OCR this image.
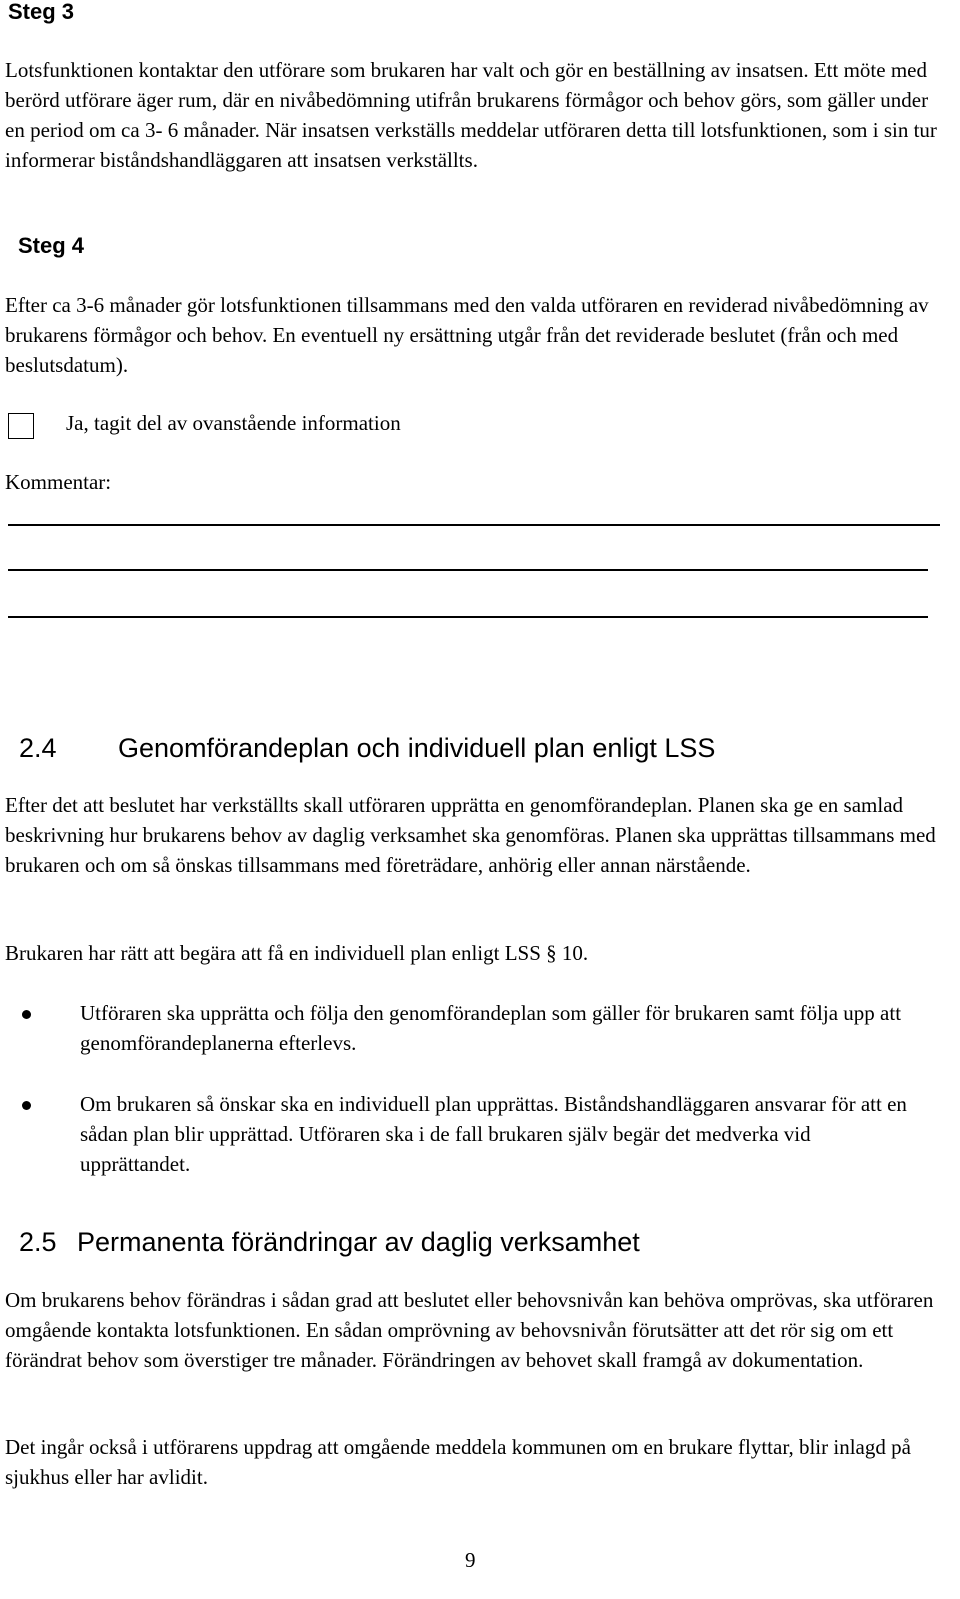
Steg 3

Lotsfunktionen kontaktar den utförare som brukaren har valt och gör en beställning av insatsen. Ett möte med berörd utförare äger rum, där en nivåbedömning utifrån brukarens förmågor och behov görs, som gäller under en period om ca 3- 6 månader. När insatsen verkställs meddelar utföraren detta till lotsfunktionen, som i sin tur informerar biståndshandläggaren att insatsen verkställts.

Steg 4

Efter ca 3-6 månader gör lotsfunktionen tillsammans med den valda utföraren en reviderad nivåbedömning av brukarens förmågor och behov. En eventuell ny ersättning utgår från det reviderade beslutet (från och med beslutsdatum).

Ja, tagit del av ovanstående information
Kommentar:
2.4 Genomförandeplan och individuell plan enligt LSS

Efter det att beslutet har verkställts skall utföraren upprätta en genomförandeplan. Planen ska ge en samlad beskrivning hur brukarens behov av daglig verksamhet ska genomföras. Planen ska upprättas tillsammans med brukaren och om så önskas tillsammans med företrädare, anhörig eller annan närstående.

Brukaren har rätt att begära att få en individuell plan enligt LSS § 10.

Utföraren ska upprätta och följa den genomförandeplan som gäller för brukaren samt följa upp att genomförandeplanerna efterlevs.

Om brukaren så önskar ska en individuell plan upprättas. Biståndshandläggaren ansvarar för att en sådan plan blir upprättad. Utföraren ska i de fall brukaren själv begär det medverka vid upprättandet.

2.5 Permanenta förändringar av daglig verksamhet

Om brukarens behov förändras i sådan grad att beslutet eller behovsnivån kan behöva omprövas, ska utföraren omgående kontakta lotsfunktionen. En sådan omprövning av behovsnivån förutsätter att det rör sig om ett förändrat behov som överstiger tre månader. Förändringen av behovet skall framgå av dokumentation.

Det ingår också i utförarens uppdrag att omgående meddela kommunen om en brukare flyttar, blir inlagd på sjukhus eller har avlidit.

9
